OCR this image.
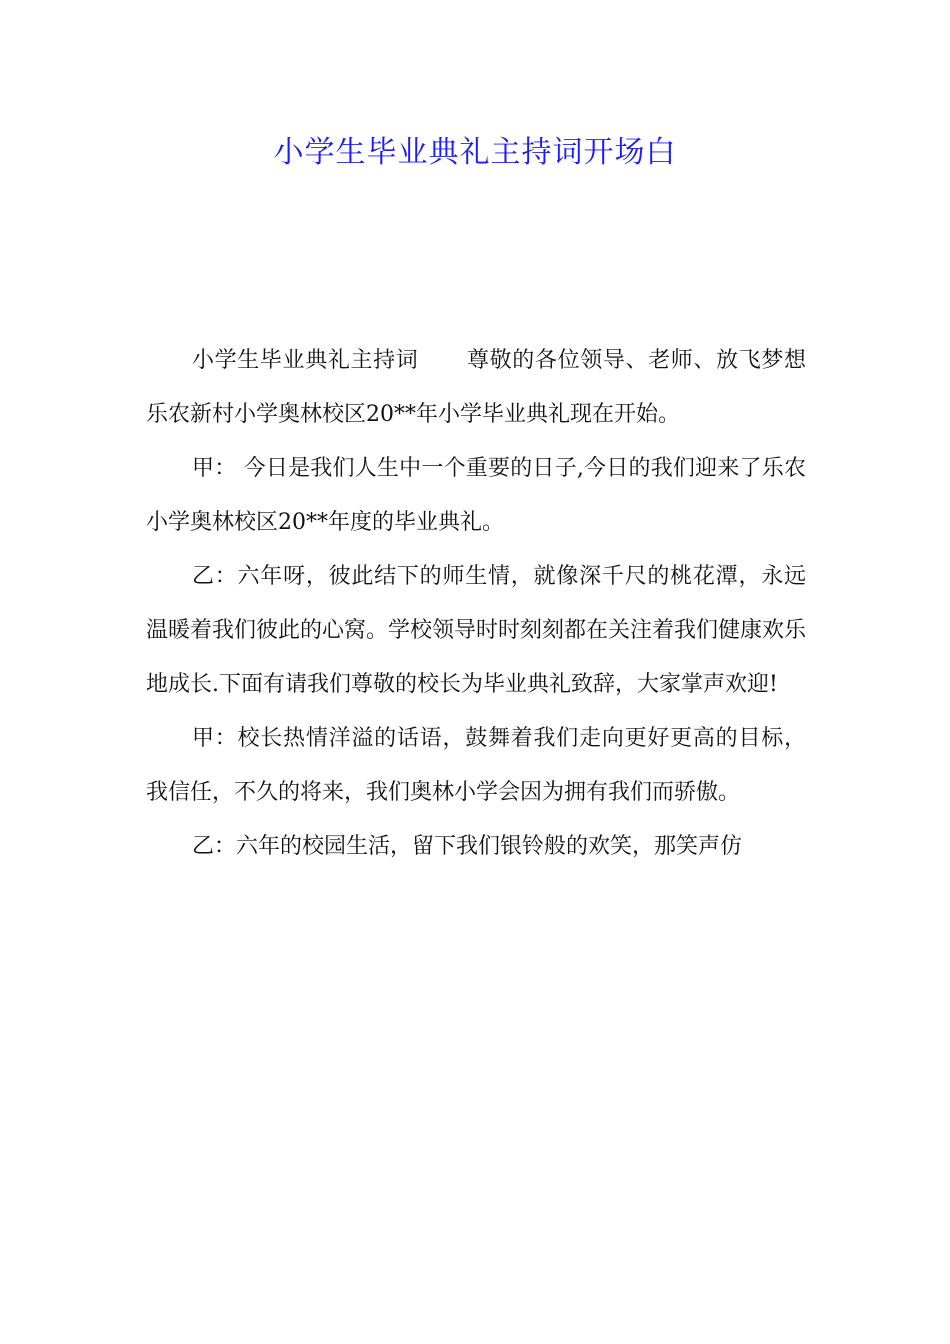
小学生毕业典礼主持词开场白

小学生毕业典礼主持词 尊敬的各位领导、老师、放飞梦想 乐农新村小学奥林校区20**年小学毕业典礼现在开始。

甲： 今日是我们人生中一个重要的日子,今日的我们迎来了乐农小学奥林校区20**年度的毕业典礼。

乙：六年呀，彼此结下的师生情，就像深千尺的桃花潭，永远温暖着我们彼此的心窝。学校领导时时刻刻都在关注着我们健康欢乐地成长.下面有请我们尊敬的校长为毕业典礼致辞，大家掌声欢迎!

甲：校长热情洋溢的话语，鼓舞着我们走向更好更高的目标，我信任，不久的将来，我们奥林小学会因为拥有我们而骄傲。

乙：六年的校园生活，留下我们银铃般的欢笑，那笑声仿
